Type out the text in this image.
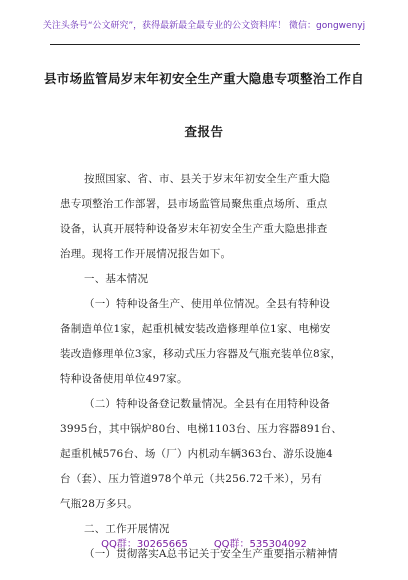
关注头条号“公文研究”，获得最新最全最专业的公文资料库！ 微信：gongwenyj
县市场监管局岁末年初安全生产重大隐患专项整治工作自
查报告
按照国家、省、市、县关于岁末年初安全生产重大隐
患专项整治工作部署，县市场监管局聚焦重点场所、重点
设备，认真开展特种设备岁末年初安全生产重大隐患排查
治理。现将工作开展情况报告如下。
一、基本情况
（一）特种设备生产、使用单位情况。全县有特种设
备制造单位1家，起重机械安装改造修理单位1家、电梯安
装改造修理单位3家，移动式压力容器及气瓶充装单位8家，
特种设备使用单位497家。
（二）特种设备登记数量情况。全县有在用特种设备
3995台，其中锅炉80台、电梯1103台、压力容器891台、
起重机械576台、场（厂）内机动车辆363台、游乐设施4
台（套）、压力管道978个单元（共256.72千米），另有
气瓶28万多只。
二、工作开展情况
（一）贯彻落实A总书记关于安全生产重要指示精神情
QQ群：30265665	QQ群：535304092
